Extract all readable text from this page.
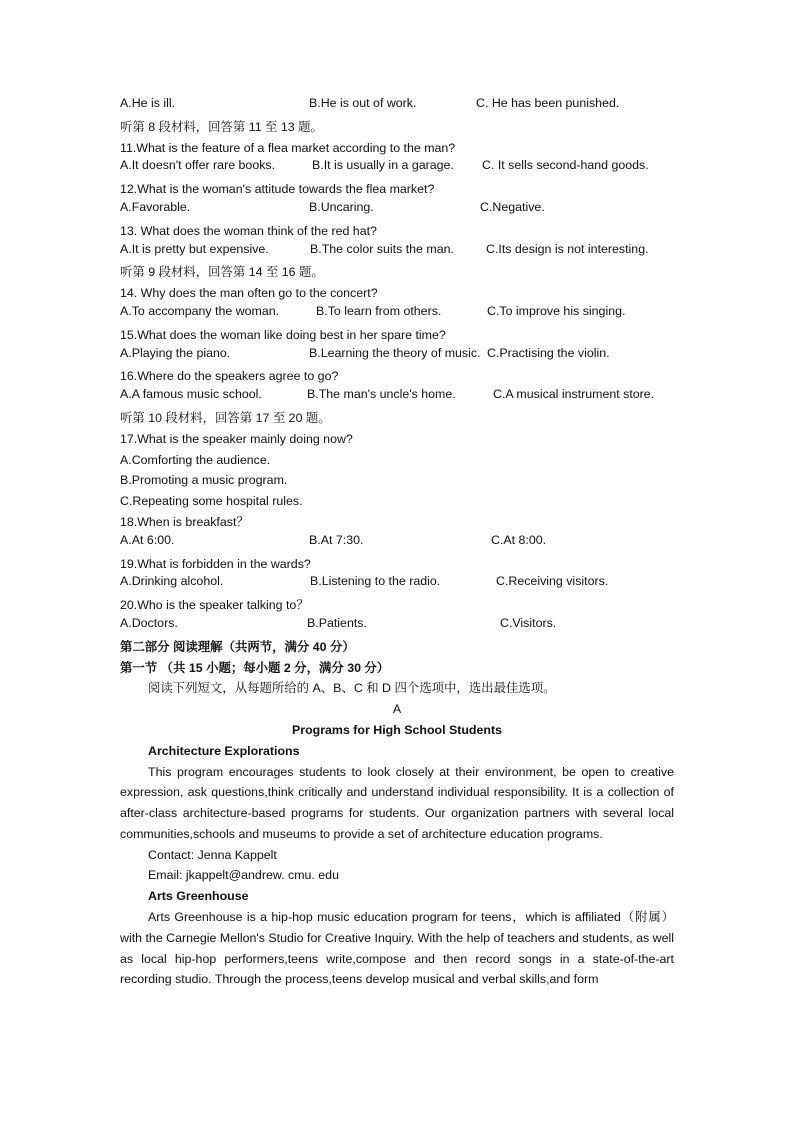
A.He is ill.	B.He is out of work.	C. He has been punished.
听第 8 段材料，回答第 11 至 13 题。
11.What is the feature of a flea market according to the man?
A.It doesn't offer rare books.	B.It is usually in a garage. C. It sells second-hand goods.
12.What is the woman's attitude towards the flea market?
A.Favorable.	B.Uncaring.	C.Negative.
13. What does the woman think of the red hat?
A.It is pretty but expensive.	B.The color suits the man.	C.Its design is not interesting.
听第 9 段材料，回答第 14 至 16 题。
14. Why does the man often go to the concert?
A.To accompany the woman.	B.To learn from others.	C.To improve his singing.
15.What does the woman like doing best in her spare time?
A.Playing the piano.	B.Learning the theory of music. C.Practising the violin.
16.Where do the speakers agree to go?
A.A famous music school.	B.The man's uncle's home.	C.A musical instrument store.
听第 10 段材料，回答第 17 至 20 题。
17.What is the speaker mainly doing now?
A.Comforting the audience.
B.Promoting a music program.
C.Repeating some hospital rules.
18.When is breakfast？
A.At 6:00.	B.At 7:30.	C.At 8:00.
19.What is forbidden in the wards?
A.Drinking alcohol.	B.Listening to the radio.	C.Receiving visitors.
20.Who is the speaker talking to？
A.Doctors.	B.Patients.	C.Visitors.
第二部分 阅读理解（共两节，满分 40 分）
第一节 （共 15 小题；每小题 2 分，满分 30 分）
阅读下列短文，从每题所给的 A、B、C 和 D 四个选项中，选出最佳选项。
A
Programs for High School Students
Architecture Explorations

This program encourages students to look closely at their environment, be open to creative expression, ask questions,think critically and understand individual responsibility. It is a collection of after-class architecture-based programs for students. Our organization partners with several local communities,schools and museums to provide a set of architecture education programs.

Contact: Jenna Kappelt
Email: jkappelt@andrew. cmu. edu
Arts Greenhouse

Arts Greenhouse is a hip-hop music education program for teens，which is affiliated（附属）with the Carnegie Mellon's Studio for Creative Inquiry. With the help of teachers and students, as well as local hip-hop performers,teens write,compose and then record songs in a state-of-the-art recording studio. Through the process,teens develop musical and verbal skills,and form
